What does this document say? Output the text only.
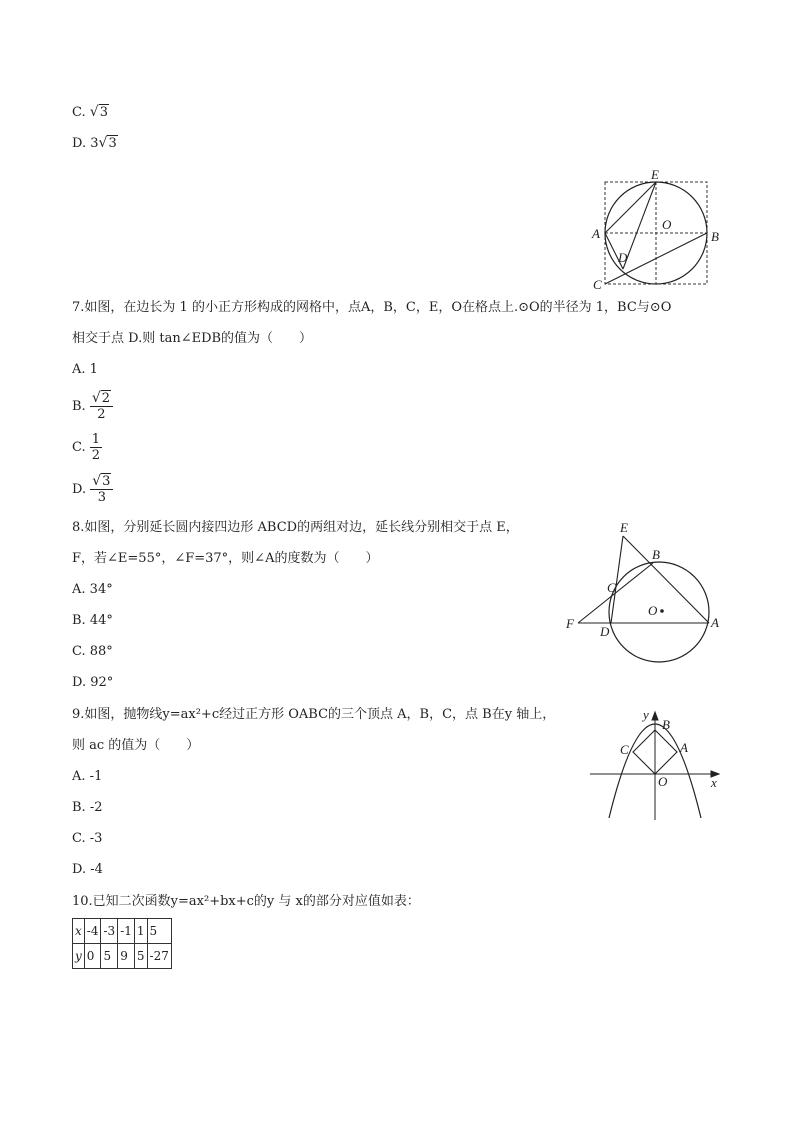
C. √3
D. 3√3
E
A
O
B
D
C
7.如图，在边长为 1 的小正方形构成的网格中，点A，B，C，E，O在格点上.⊙O的半径为 1，BC与⊙O
相交于点 D.则 tan∠EDB的值为（　　）
A. 1
B. $\frac{√2}{2}$
C. $\frac{1}{2}$
D. $\frac{√3}{3}$
E
B
C
O
F
D
A
8.如图，分别延长圆内接四边形 ABCD的两组对边，延长线分别相交于点 E，
F，若∠E=55°，∠F=37°，则∠A的度数为（　　）
A. 34°
B. 44°
C. 88°
D. 92°
y
B
C	A
O	x
9.如图，抛物线y=ax²+c经过正方形 OABC的三个顶点 A，B，C，点 B在y 轴上，
则 ac 的值为（　　）
A. -1
B. -2
C. -3
D. -4
10.已知二次函数y=ax²+bx+c的y 与 x的部分对应值如表：
x	-4	-3	-1	1	5
y	0	5	9	5	-27
